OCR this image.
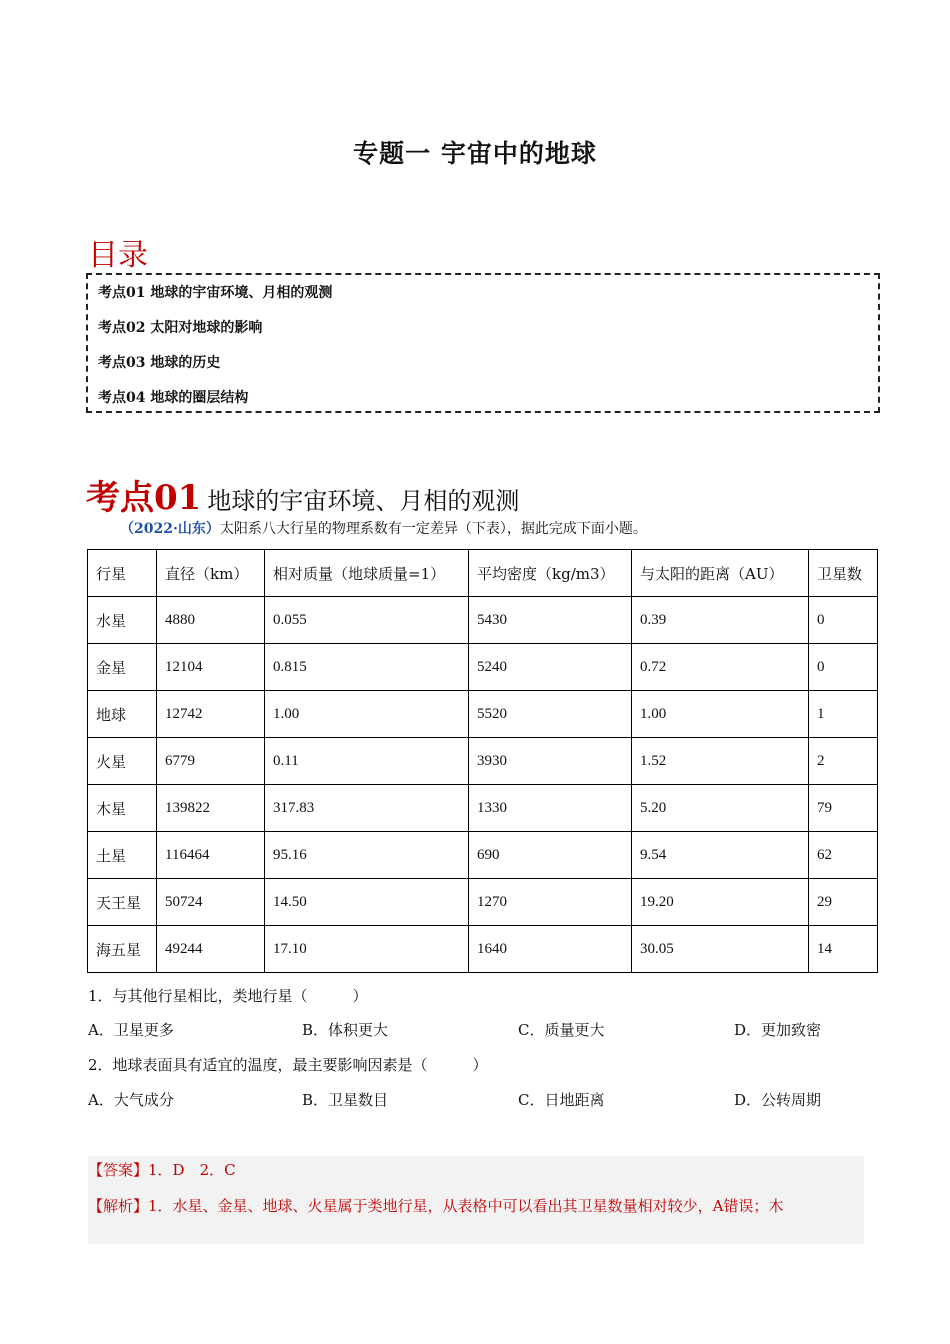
专题一 宇宙中的地球
目录
考点01 地球的宇宙环境、月相的观测
考点02 太阳对地球的影响
考点03 地球的历史
考点04 地球的圈层结构
考点01 地球的宇宙环境、月相的观测
（2022·山东）太阳系八大行星的物理系数有一定差异（下表），据此完成下面小题。
行星	直径（km）	相对质量（地球质量=1）	平均密度（kg/m3）	与太阳的距离（AU）	卫星数
水星	4880	0.055	5430	0.39	0
金星	12104	0.815	5240	0.72	0
地球	12742	1.00	5520	1.00	1
火星	6779	0.11	3930	1.52	2
木星	139822	317.83	1330	5.20	79
土星	116464	95.16	690	9.54	62
天王星	50724	14.50	1270	19.20	29
海五星	49244	17.10	1640	30.05	14
1．与其他行星相比，类地行星（　　　）
A．卫星更多	B．体积更大	C．质量更大	D．更加致密
2．地球表面具有适宜的温度，最主要影响因素是（　　　）
A．大气成分	B．卫星数目	C．日地距离	D．公转周期
【答案】1．D　2．C
【解析】1．水星、金星、地球、火星属于类地行星，从表格中可以看出其卫星数量相对较少，A错误；木
